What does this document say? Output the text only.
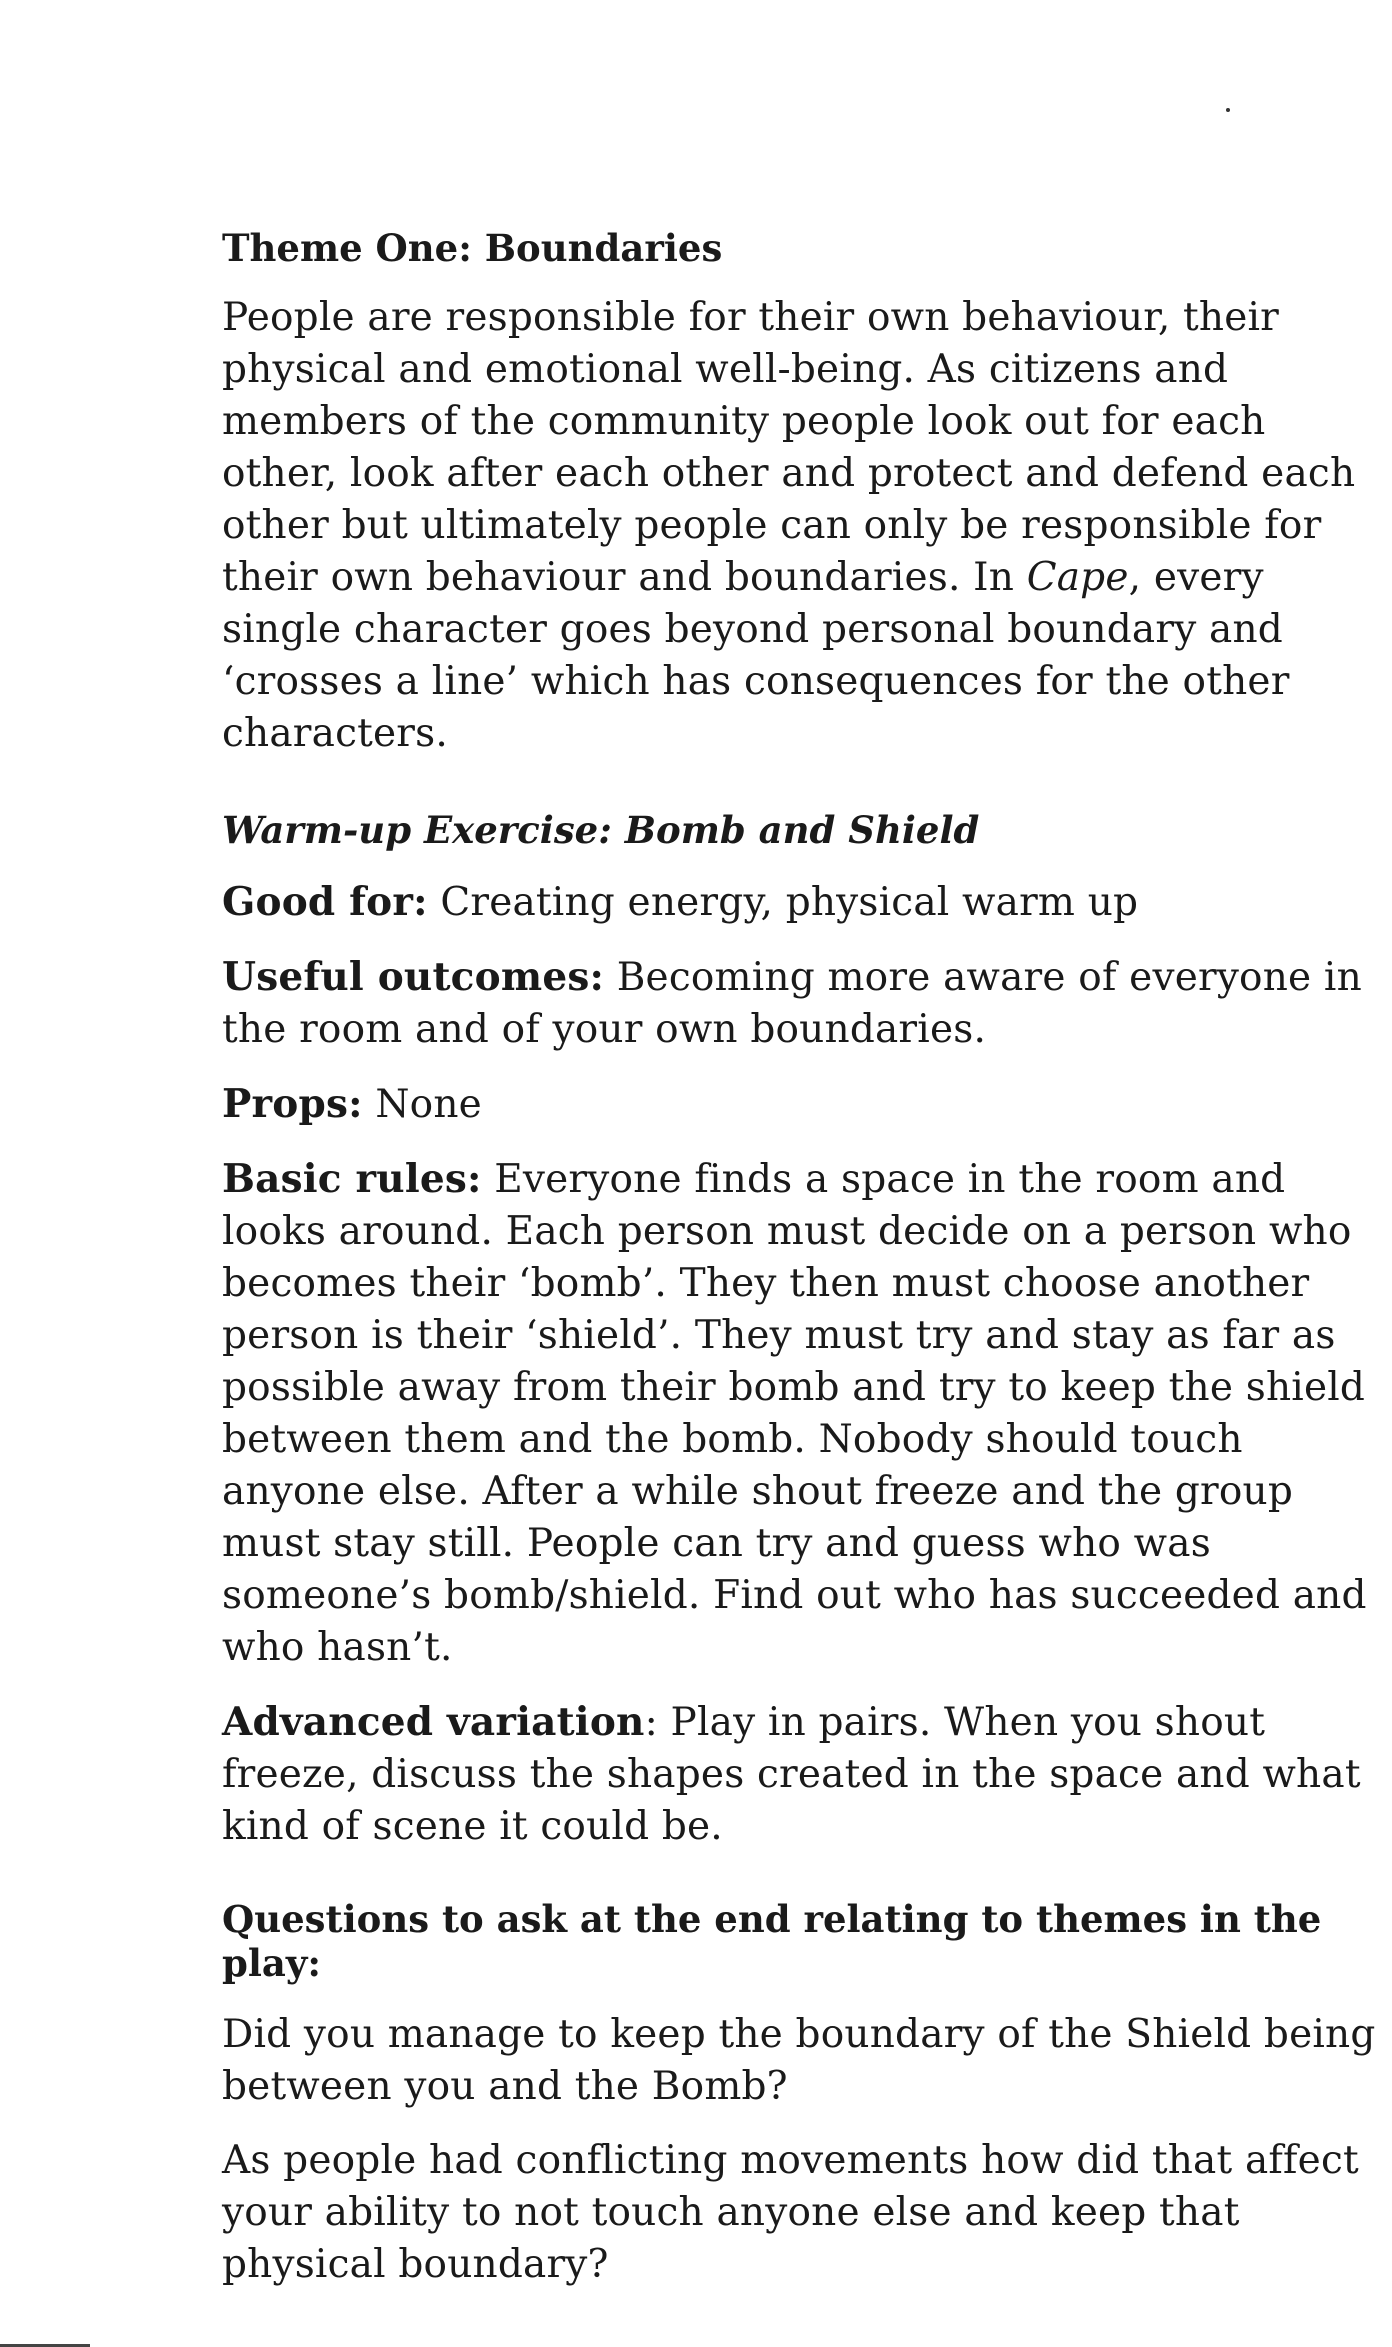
Theme One: Boundaries

People are responsible for their own behaviour, their physical and emotional well-being. As citizens and members of the community people look out for each other, look after each other and protect and defend each other but ultimately people can only be responsible for their own behaviour and boundaries. In Cape, every single character goes beyond personal boundary and ‘crosses a line’ which has consequences for the other characters.

Warm-up Exercise: Bomb and Shield

Good for: Creating energy, physical warm up

Useful outcomes: Becoming more aware of everyone in the room and of your own boundaries.

Props: None

Basic rules: Everyone finds a space in the room and looks around. Each person must decide on a person who becomes their ‘bomb’. They then must choose another person is their ‘shield’. They must try and stay as far as possible away from their bomb and try to keep the shield between them and the bomb. Nobody should touch anyone else. After a while shout freeze and the group must stay still. People can try and guess who was someone’s bomb/shield. Find out who has succeeded and who hasn’t.

Advanced variation: Play in pairs. When you shout freeze, discuss the shapes created in the space and what kind of scene it could be.

Questions to ask at the end relating to themes in the play:

Did you manage to keep the boundary of the Shield being between you and the Bomb?

As people had conflicting movements how did that affect your ability to not touch anyone else and keep that physical boundary?
